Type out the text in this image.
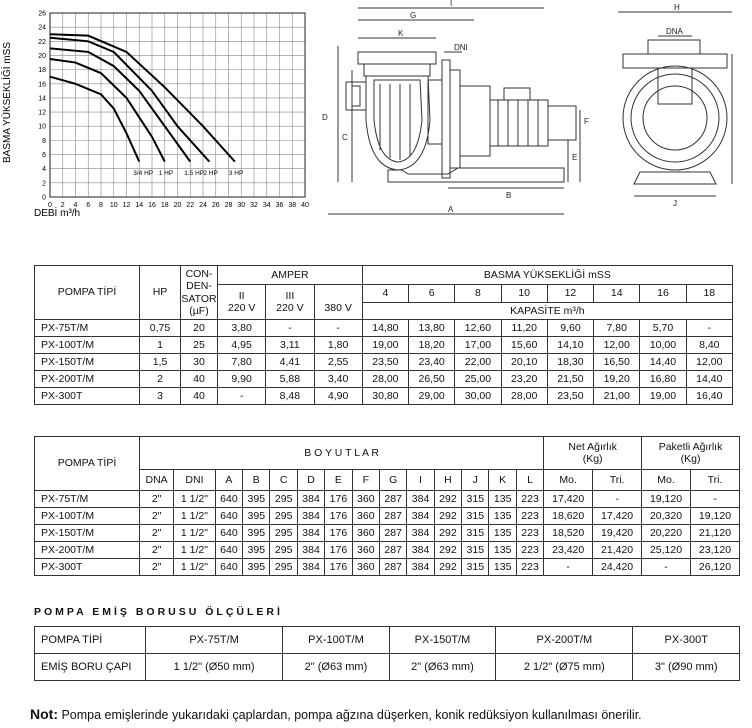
3/4 HP 1 HP 1.5 HP 2 HP 3 HP
0 2 4 6 8 10 12 14 16 18 20 22 24 26 28 30 32 34 36 38 40
0
2
4
6
8
10
12
14
16
18
20
22
24
26
BASMA YÜKSEKLİĞİ mSS
DEBİ m³/h
I
G
K
DNI
D
C
F
E
B
A
H
DNA
J
POMPA TİPİ	HP	CON-
DEN-
SATOR
(µF)	AMPER			BASMA YÜKSEKLİĞİ mSS							
			II
220 V	III
220 V	380 V	4	6	8	10	12	14	16	18
						KAPASİTE m³/h							
PX-75T/M	0,75	20	3,80	-	-	14,80	13,80	12,60	11,20	9,60	7,80	5,70	-
PX-100T/M	1	25	4,95	3,11	1,80	19,00	18,20	17,00	15,60	14,10	12,00	10,00	8,40
PX-150T/M	1,5	30	7,80	4,41	2,55	23,50	23,40	22,00	20,10	18,30	16,50	14,40	12,00
PX-200T/M	2	40	9,90	5,88	3,40	28,00	26,50	25,00	23,20	21,50	19,20	16,80	14,40
PX-300T	3	40	-	8,48	4,90	30,80	29,00	30,00	28,00	23,50	21,00	19,00	16,40
POMPA TİPİ	B O Y U T L A R														Net Ağırlık
(Kg)		Paketli Ağırlık
(Kg)	
	DNA	DNI	A	B	C	D	E	F	G	I	H	J	K	L	Mo.	Tri.	Mo.	Tri.
PX-75T/M	2"	1 1/2"	640	395	295	384	176	360	287	384	292	315	135	223	17,420	-	19,120	-
PX-100T/M	2"	1 1/2"	640	395	295	384	176	360	287	384	292	315	135	223	18,620	17,420	20,320	19,120
PX-150T/M	2"	1 1/2"	640	395	295	384	176	360	287	384	292	315	135	223	18,520	19,420	20,220	21,120
PX-200T/M	2"	1 1/2"	640	395	295	384	176	360	287	384	292	315	135	223	23,420	21,420	25,120	23,120
PX-300T	2"	1 1/2"	640	395	295	384	176	360	287	384	292	315	135	223	-	24,420	-	26,120
POMPA EMİŞ BORUSU ÖLÇÜLERİ
POMPA TİPİ	PX-75T/M	PX-100T/M	PX-150T/M	PX-200T/M	PX-300T
EMİŞ BORU ÇAPI	1 1/2" (Ø50 mm)	2" (Ø63 mm)	2" (Ø63 mm)	2 1/2" (Ø75 mm)	3" (Ø90 mm)
Not: Pompa emişlerinde yukarıdaki çaplardan, pompa ağzına düşerken, konik redüksiyon kullanılması önerilir.
